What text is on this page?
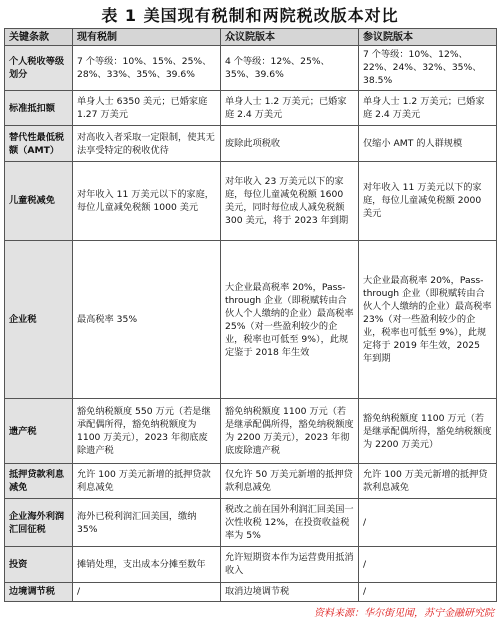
表 1 美国现有税制和两院税改版本对比
关键条款	现有税制	众议院版本	参议院版本
个人税收等级划分	7 个等级：10%、15%、25%、28%、33%、35%、39.6%	4 个等级：12%、25%、35%、39.6%	7 个等级：10%、12%、22%、24%、32%、35%、38.5%
标准抵扣额	单身人士 6350 美元；已婚家庭 1.27 万美元	单身人士 1.2 万美元；已婚家庭 2.4 万美元	单身人士 1.2 万美元；已婚家庭 2.4 万美元
替代性最低税额（AMT）	对高收入者采取一定限制，使其无法享受特定的税收优待	废除此项税收	仅缩小 AMT 的人群规模
儿童税减免	对年收入 11 万美元以下的家庭，每位儿童减免税额 1000 美元	对年收入 23 万美元以下的家庭，每位儿童减免税额 1600 美元，同时每位成人减免税额 300 美元，将于 2023 年到期	对年收入 11 万美元以下的家庭，每位儿童减免税额 2000 美元
企业税	最高税率 35%	大企业最高税率 20%，Pass-through 企业（即税赋转由合伙人个人缴纳的企业）最高税率 25%（对一些盈利较少的企业，税率也可低至 9%），此规定鉴于 2018 年生效	大企业最高税率 20%，Pass-through 企业（即税赋转由合伙人个人缴纳的企业）最高税率 23%（对一些盈利较少的企业，税率也可低至 9%），此规定将于 2019 年生效，2025 年到期
遗产税	豁免纳税额度 550 万元（若是继承配偶所得，豁免纳税额度为 1100 万美元），2023 年彻底废除遗产税	豁免纳税额度 1100 万元（若是继承配偶所得，豁免纳税额度为 2200 万美元），2023 年彻底废除遗产税	豁免纳税额度 1100 万元（若是继承配偶所得，豁免纳税额度为 2200 万美元）
抵押贷款利息减免	允许 100 万美元新增的抵押贷款利息减免	仅允许 50 万美元新增的抵押贷款利息减免	允许 100 万美元新增的抵押贷款利息减免
企业海外利润汇回征税	海外已税利润汇回美国，缴纳 35%	税改之前在国外利润汇回美国一次性收税 12%，在投资收益税率为 5%	/
投资	摊销处理，支出成本分摊至数年	允许短期资本作为运营费用抵消收入	/
边境调节税	/	取消边境调节税	/
资料来源：华尔街见闻，苏宁金融研究院
